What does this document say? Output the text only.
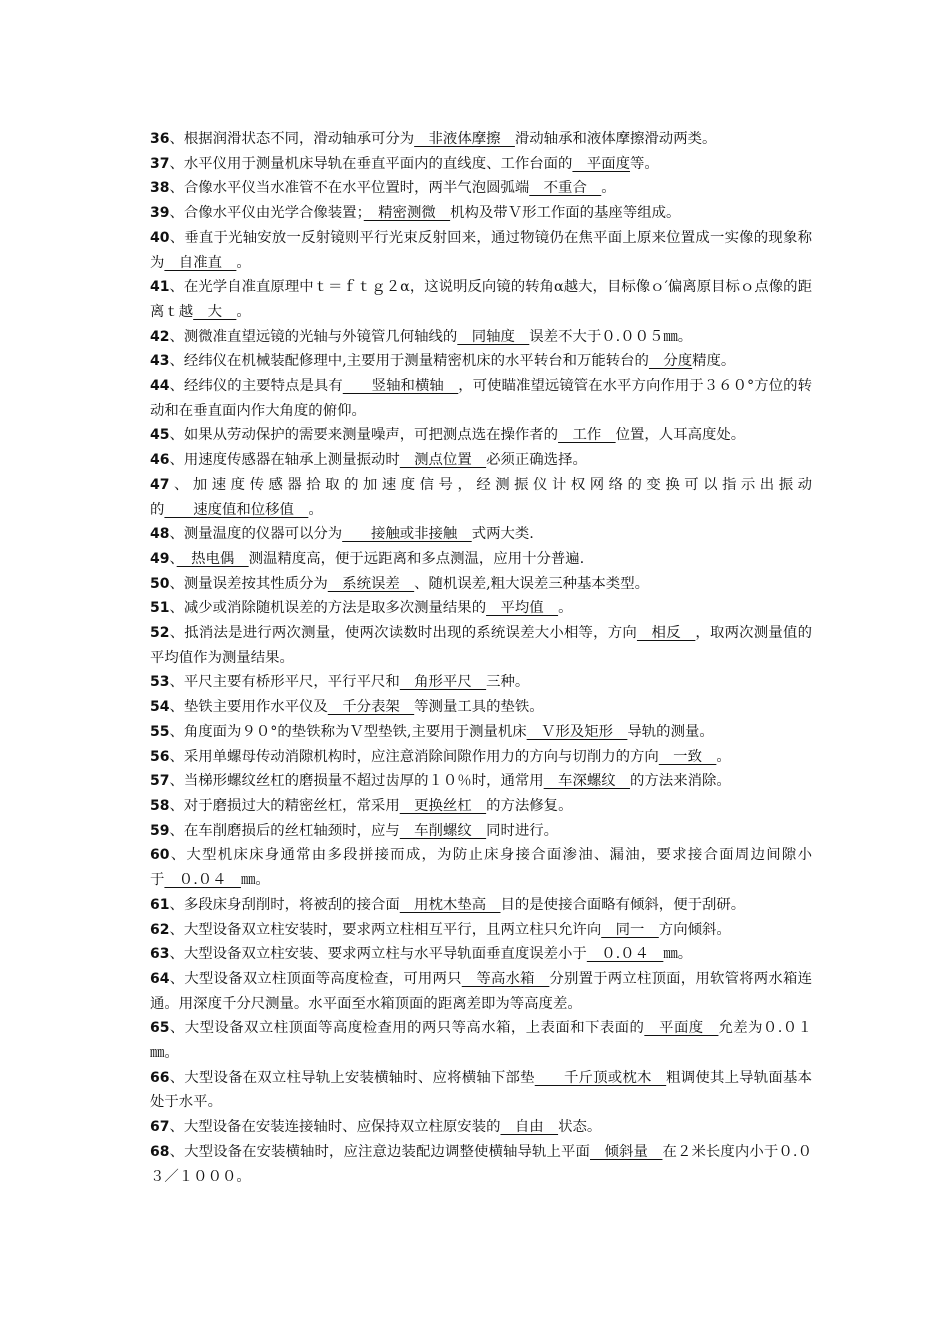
36、根据润滑状态不同，滑动轴承可分为　非液体摩擦　滑动轴承和液体摩擦滑动两类。
37、水平仪用于测量机床导轨在垂直平面内的直线度、工作台面的　平面度等。
38、合像水平仪当水准管不在水平位置时，两半气泡圆弧端　不重合　。
39、合像水平仪由光学合像装置；　精密测微　机构及带Ｖ形工作面的基座等组成。
40、垂直于光轴安放一反射镜则平行光束反射回来，通过物镜仍在焦平面上原来位置成一实像的现象称为　自准直　。
41、在光学自准直原理中ｔ＝ｆｔｇ２α，这说明反向镜的转角α越大，目标像ｏ′偏离原目标ｏ点像的距离ｔ越　大　。
42、测微准直望远镜的光轴与外镜管几何轴线的　同轴度　误差不大于０.００５㎜。
43、经纬仪在机械装配修理中,主要用于测量精密机床的水平转台和万能转台的　分度精度。
44、经纬仪的主要特点是具有　　竖轴和横轴　，可使瞄准望远镜管在水平方向作用于３６０°方位的转动和在垂直面内作大角度的俯仰。
45、如果从劳动保护的需要来测量噪声，可把测点选在操作者的　工作　位置，人耳高度处。
46、用速度传感器在轴承上测量振动时　测点位置　必须正确选择。
47、加速度传感器拾取的加速度信号，经测振仪计权网络的变换可以指示出振动的　　速度值和位移值　。
48、测量温度的仪器可以分为　　接触或非接触　式两大类.
49、　热电偶　测温精度高，便于远距离和多点测温，应用十分普遍.
50、测量误差按其性质分为　系统误差　、随机误差,粗大误差三种基本类型。
51、减少或消除随机误差的方法是取多次测量结果的　平均值　。
52、抵消法是进行两次测量，使两次读数时出现的系统误差大小相等，方向　相反　，取两次测量值的平均值作为测量结果。
53、平尺主要有桥形平尺，平行平尺和　角形平尺　三种。
54、垫铁主要用作水平仪及　千分表架　等测量工具的垫铁。
55、角度面为９０°的垫铁称为Ｖ型垫铁,主要用于测量机床　Ｖ形及矩形　导轨的测量。
56、采用单螺母传动消隙机构时，应注意消除间隙作用力的方向与切削力的方向　一致　。
57、当梯形螺纹丝杠的磨损量不超过齿厚的１０％时，通常用　车深螺纹　的方法来消除。
58、对于磨损过大的精密丝杠，常采用　更换丝杠　的方法修复。
59、在车削磨损后的丝杠轴颈时，应与　车削螺纹　同时进行。
60、大型机床床身通常由多段拼接而成，为防止床身接合面渗油、漏油，要求接合面周边间隙小于　０.０４　㎜。
61、多段床身刮削时，将被刮的接合面　用枕木垫高　目的是使接合面略有倾斜，便于刮研。
62、大型设备双立柱安装时，要求两立柱相互平行，且两立柱只允许向　同一　方向倾斜。
63、大型设备双立柱安装、要求两立柱与水平导轨面垂直度误差小于　０.０４　㎜。
64、大型设备双立柱顶面等高度检查，可用两只　等高水箱　分别置于两立柱顶面，用软管将两水箱连通。用深度千分尺测量。水平面至水箱顶面的距离差即为等高度差。
65、大型设备双立柱顶面等高度检查用的两只等高水箱，上表面和下表面的　平面度　允差为０.０１㎜。
66、大型设备在双立柱导轨上安装横轴时、应将横轴下部垫　　千斤顶或枕木　粗调使其上导轨面基本处于水平。
67、大型设备在安装连接轴时、应保持双立柱原安装的　自由　状态。
68、大型设备在安装横轴时，应注意边装配边调整使横轴导轨上平面　倾斜量　在２米长度内小于０.０３／１０００。
